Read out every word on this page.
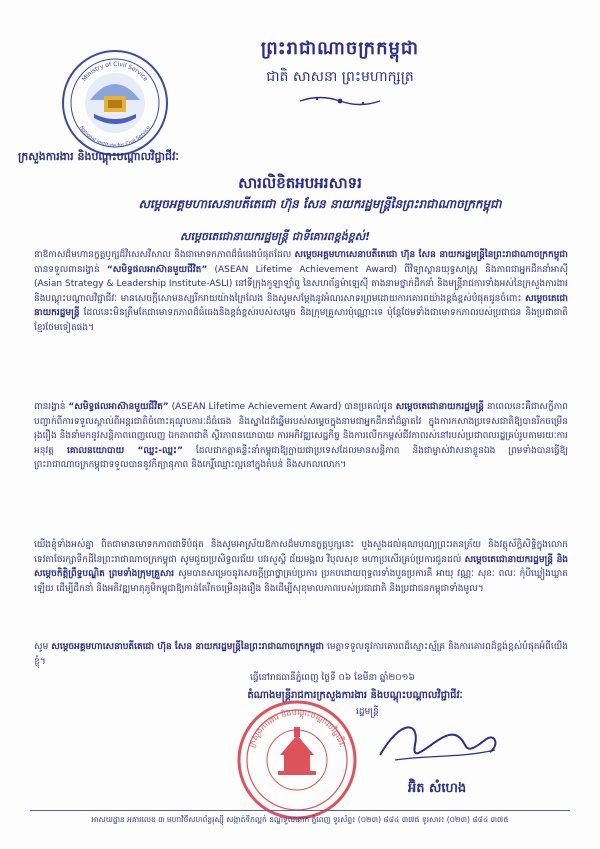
Ministry of Civil Service
National Institute for Civil Service
ព្រះរាជាណាចក្រកម្ពុជា
ជាតិ សាសនា ព្រះមហាក្សត្រ
ក្រសួងការងារ និងបណ្តុះបណ្តាលវិជ្ជាជីវៈ
សារលិខិតអបអរសាទរ
សម្តេចអគ្គមហាសេនាបតីតេជោ ហ៊ុន សែន នាយករដ្ឋមន្ត្រីនៃព្រះរាជាណាចក្រកម្ពុជា
សម្តេចតេជោនាយករដ្ឋមន្ត្រី ជាទីគោរពខ្ពង់ខ្ពស់!
នាឱកាសដ៏មហានក្ខត្តឫក្សដ៏វិសេសវិសាល និងជាមោទកភាពដ៏ធំធេងបំផុតដែល សម្តេចអគ្គមហាសេនាបតីតេជោ ហ៊ុន សែន នាយករដ្ឋមន្ត្រីនៃព្រះរាជាណាចក្រកម្ពុជា បានទទួលពានរង្វាន់ “សមិទ្ធផលអាស៊ានមួយជីវិត” (ASEAN Lifetime Achievement Award) ពីវិទ្យាស្ថានយុទ្ធសាស្ត្រ និងភាពជាអ្នកដឹកនាំអាស៊ី (Asian Strategy & Leadership Institute-ASLI) នៅទីក្រុងកូឡាឡាំពួ នៃសហព័ន្ធម៉ាឡេស៊ី តាងនាមថ្នាក់ដឹកនាំ និងមន្ត្រីរាជការទាំងអស់នៃក្រសួងការងារ និងបណ្តុះបណ្តាលវិជ្ជាជីវៈ មានសេចក្តីសោមនស្សរីករាយយ៉ាងក្រៃលែង និងសូមសម្តែងនូវអំណរសាទរព្រមដោយការគោរពយ៉ាងខ្ពង់ខ្ពស់បំផុតជូនចំពោះ សម្តេចតេជោនាយករដ្ឋមន្ត្រី ដែលនេះមិនត្រឹមតែជាមោទកភាពដ៏ធំធេងនិងខ្ពង់ខ្ពស់របស់សម្តេច និងក្រុមគ្រួសារប៉ុណ្ណោះទេ ប៉ុន្តែថែមទាំងជាមោទកភាពរបស់ប្រជាជន និងប្រជាជាតិខ្មែរថែមទៀតផង។
ពានរង្វាន់ “សមិទ្ធផលអាស៊ានមួយជីវិត” (ASEAN Lifetime Achievement Award) បានប្រគល់ជូន សម្តេចតេជោនាយករដ្ឋមន្ត្រី នាពេលនេះគឺជាសក្ខីភាពបញ្ជាក់ពីការទទួលស្គាល់ពីអន្តរជាតិចំពោះគុណូបការៈដ៏ធំធេង និងស្នាដៃដ៏ឆ្នើមរបស់សម្តេចក្នុងនាមជាអ្នកដឹកនាំដ៏ឆ្លាតវៃ ក្នុងការកសាងប្រទេសជាតិឱ្យបានរីកចម្រើនរុងរឿង និងនាំមកនូវសន្តិភាពពេញលេញ ឯកភាពជាតិ ស្ថិរភាពនយោបាយ ការអភិវឌ្ឍសេដ្ឋកិច្ច និងការលើកកម្ពស់ជីវភាពរស់នៅរបស់ប្រជាពលរដ្ឋគ្រប់រូបតាមរយៈការអនុវត្ត គោលនយោបាយ “ឈ្នះ-ឈ្នះ” ដែលជាកត្តាគន្លឹះនាំកម្ពុជាឱ្យក្លាយជាប្រទេសដែលមានសន្តិភាព និងជាម្ចាស់វាសនាខ្លួនឯង ព្រមទាំងបានធ្វើឱ្យព្រះរាជាណាចក្រកម្ពុជាទទួលបាននូវកិត្យានុភាព និងកេរ្តិ៍ឈ្មោះល្អនៅក្នុងតំបន់ និងសកលលោក។
យើងខ្ញុំទាំងអស់គ្នា ពិតជាមានមោទកភាពជាទីបំផុត និងសូមអាស្រ័យឱកាសដ៏មហានក្ខត្តឫក្សនេះ បួងសួងដល់គុណបុណ្យព្រះរតនត្រ័យ និងវត្ថុស័ក្តិសិទ្ធិក្នុងលោក ទេវតាថែរក្សាទឹកដីនៃព្រះរាជាណាចក្រកម្ពុជា សូមជួយប្រសិទ្ធពរជ័យ បវរសួស្តី ជ័យមង្គល វិបុលសុខ មហាប្រសើរគ្រប់ប្រការជូនដល់ សម្តេចតេជោនាយករដ្ឋមន្ត្រី និងសម្តេចកិត្តិព្រឹទ្ធបណ្ឌិត ព្រមទាំងក្រុមគ្រួសារ សូមបានសម្រេចនូវសេចក្តីប្រាថ្នាគ្រប់ប្រការ ប្រកបដោយពុទ្ធពរទាំងបួនប្រការគឺ អាយុ វណ្ណៈ សុខៈ ពលៈ កុំបីឃ្លៀងឃ្លាតឡើយ ដើម្បីដឹកនាំ និងអភិវឌ្ឍមាតុភូមិកម្ពុជាឱ្យកាន់តែរីកចម្រើនរុងរឿង និងដើម្បីសុខុមាលភាពរបស់ប្រជាជាតិ និងប្រជាជនកម្ពុជាទាំងមូល។
សូម សម្តេចអគ្គមហាសេនាបតីតេជោ ហ៊ុន សែន នាយករដ្ឋមន្ត្រីនៃព្រះរាជាណាចក្រកម្ពុជា មេត្តាទទួលនូវការគោរពដ៏ស្មោះស្ម័គ្រ និងការគោរពដ៏ខ្ពង់ខ្ពស់បំផុតអំពីយើងខ្ញុំ។
ធ្វើនៅរាជធានីភ្នំពេញ ថ្ងៃទី ០៦ ខែមីនា ឆ្នាំ២០១៦
តំណាងមន្ត្រីរាជការក្រសួងការងារ និងបណ្តុះបណ្តាលវិជ្ជាជីវៈ
ក្រសួងការងារ និងបណ្តុះបណ្តាលវិជ្ជាជីវៈ
រដ្ឋមន្ត្រី
អ៊ិត សំហេង
អាសយដ្ឋាន អគារលេខ ៣ មហាវិថីសហព័ន្ធរុស្ស៊ី សង្កាត់ទឹកល្អក់ ខណ្ឌទួលគោក ភ្នំពេញ ទូរស័ព្ទ៖ (០២៣) ៨៨៤ ៣៧៥ ទូរសារ៖ (០២៣) ៨៨៤ ៣៧៥
